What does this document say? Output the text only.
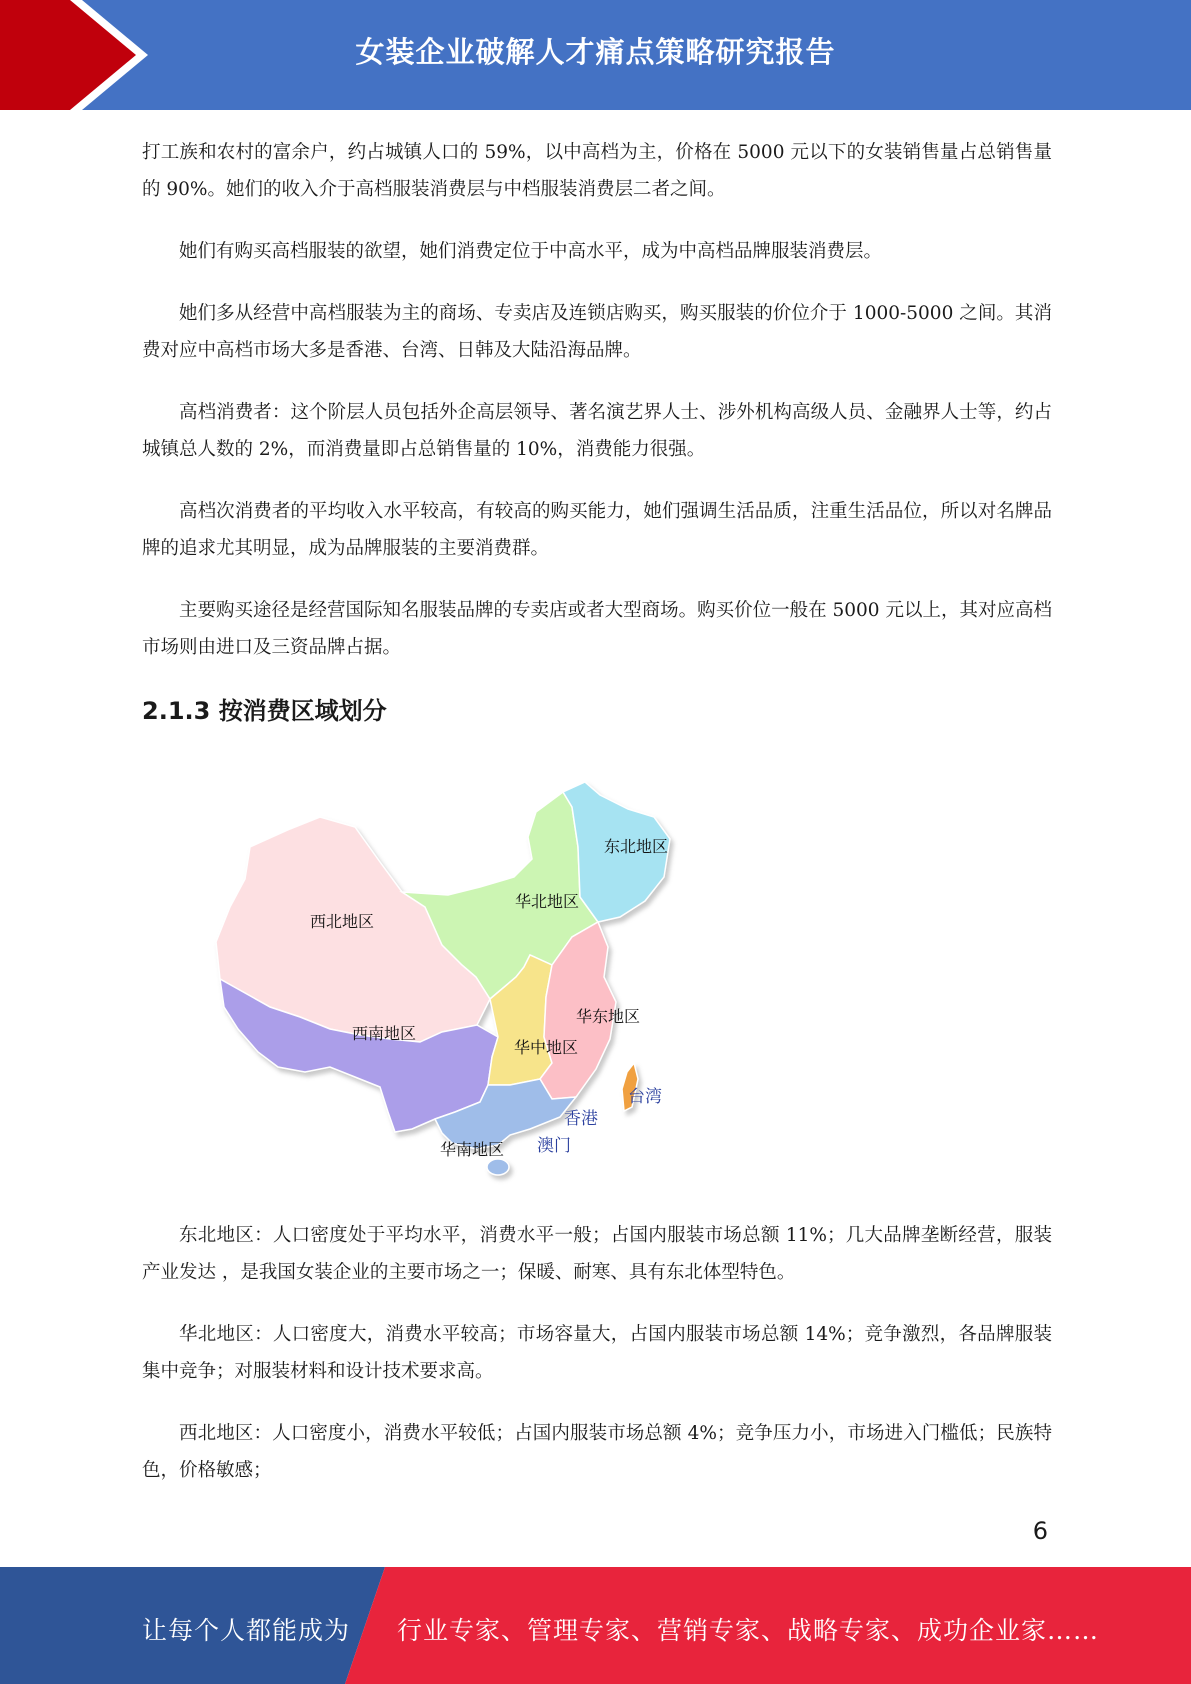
女装企业破解人才痛点策略研究报告

打工族和农村的富余户，约占城镇人口的 59%，以中高档为主，价格在 5000 元以下的女装销售量占总销售量的 90%。她们的收入介于高档服装消费层与中档服装消费层二者之间。

她们有购买高档服装的欲望，她们消费定位于中高水平，成为中高档品牌服装消费层。

她们多从经营中高档服装为主的商场、专卖店及连锁店购买，购买服装的价位介于 1000-5000 之间。其消费对应中高档市场大多是香港、台湾、日韩及大陆沿海品牌。

高档消费者：这个阶层人员包括外企高层领导、著名演艺界人士、涉外机构高级人员、金融界人士等，约占城镇总人数的 2%，而消费量即占总销售量的 10%，消费能力很强。

高档次消费者的平均收入水平较高，有较高的购买能力，她们强调生活品质，注重生活品位，所以对名牌品牌的追求尤其明显，成为品牌服装的主要消费群。

主要购买途径是经营国际知名服装品牌的专卖店或者大型商场。购买价位一般在 5000 元以上，其对应高档市场则由进口及三资品牌占据。

2.1.3 按消费区域划分
东北地区
华北地区
西北地区
西南地区
华东地区
华中地区
华南地区
台湾
香港
澳门

东北地区：人口密度处于平均水平，消费水平一般；占国内服装市场总额 11%；几大品牌垄断经营，服装产业发达 ，是我国女装企业的主要市场之一；保暖、耐寒、具有东北体型特色。

华北地区：人口密度大，消费水平较高；市场容量大，占国内服装市场总额 14%；竞争激烈，各品牌服装集中竞争；对服装材料和设计技术要求高。

西北地区：人口密度小，消费水平较低；占国内服装市场总额 4%；竞争压力小，市场进入门槛低；民族特色，价格敏感；

6
让每个人都能成为 行业专家、管理专家、营销专家、战略专家、成功企业家……
